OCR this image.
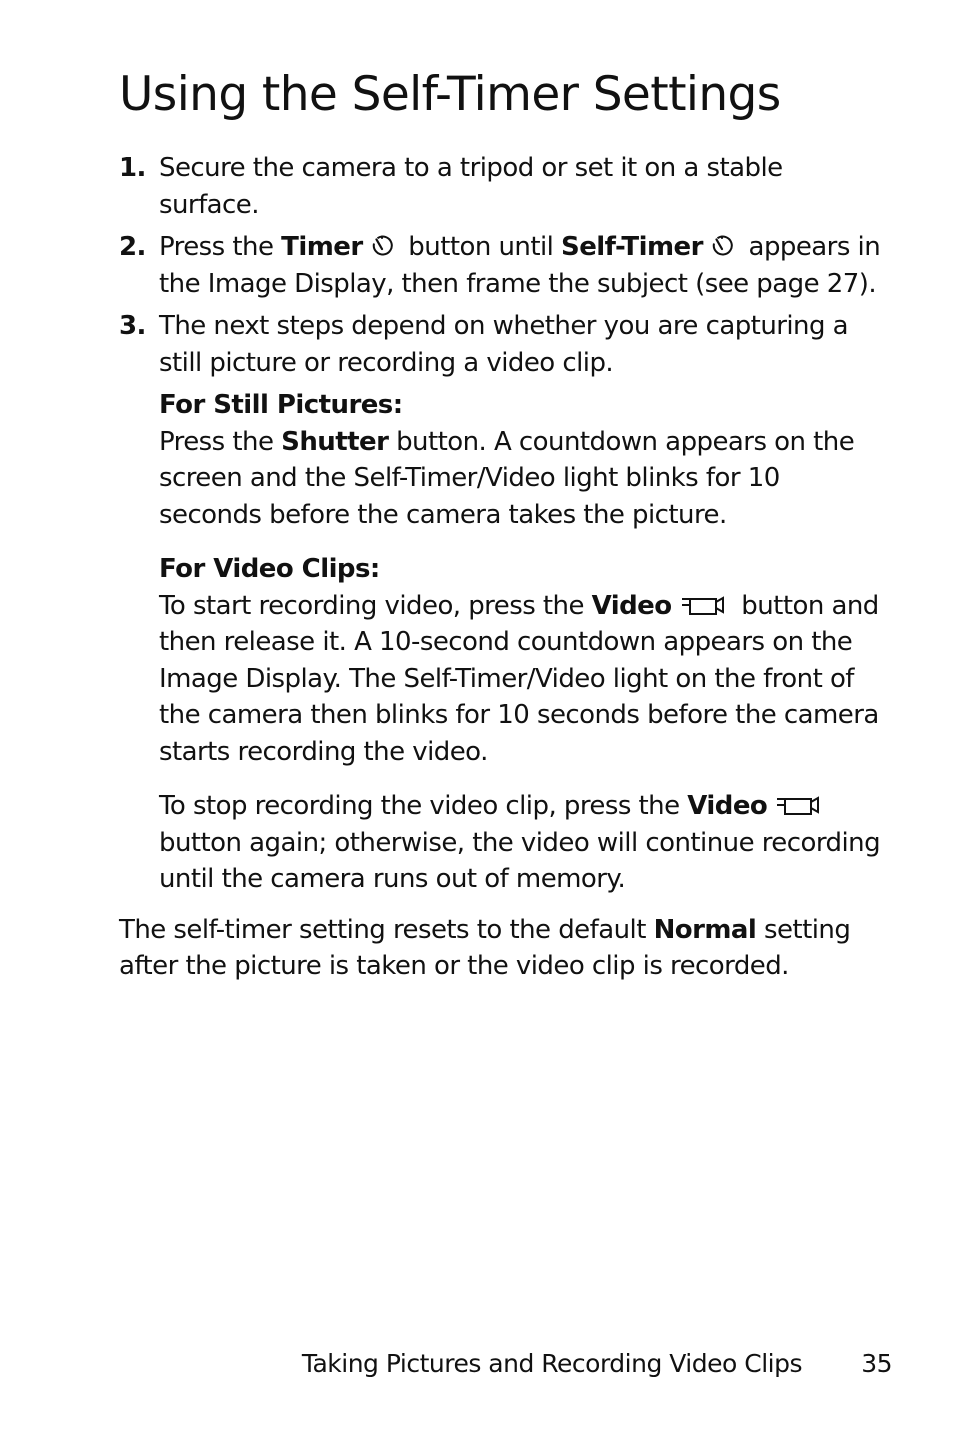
Using the Self-Timer Settings
1. Secure the camera to a tripod or set it on a stable surface.

2. Press the Timer
button until Self-Timer
appears in the Image Display, then frame the subject (see page 27).

3. The next steps depend on whether you are capturing a still picture or recording a video clip.

For Still Pictures:

Press the Shutter button. A countdown appears on the screen and the Self-Timer/Video light blinks for 10 seconds before the camera takes the picture.

For Video Clips:

To start recording video, press the Video
button and then release it. A 10-second countdown appears on the Image Display. The Self-Timer/Video light on the front of the camera then blinks for 10 seconds before the camera starts recording the video.

To stop recording the video clip, press the Video
button again; otherwise, the video will continue recording until the camera runs out of memory.

The self-timer setting resets to the default Normal setting after the picture is taken or the video clip is recorded.

Taking Pictures and Recording Video Clips 35
